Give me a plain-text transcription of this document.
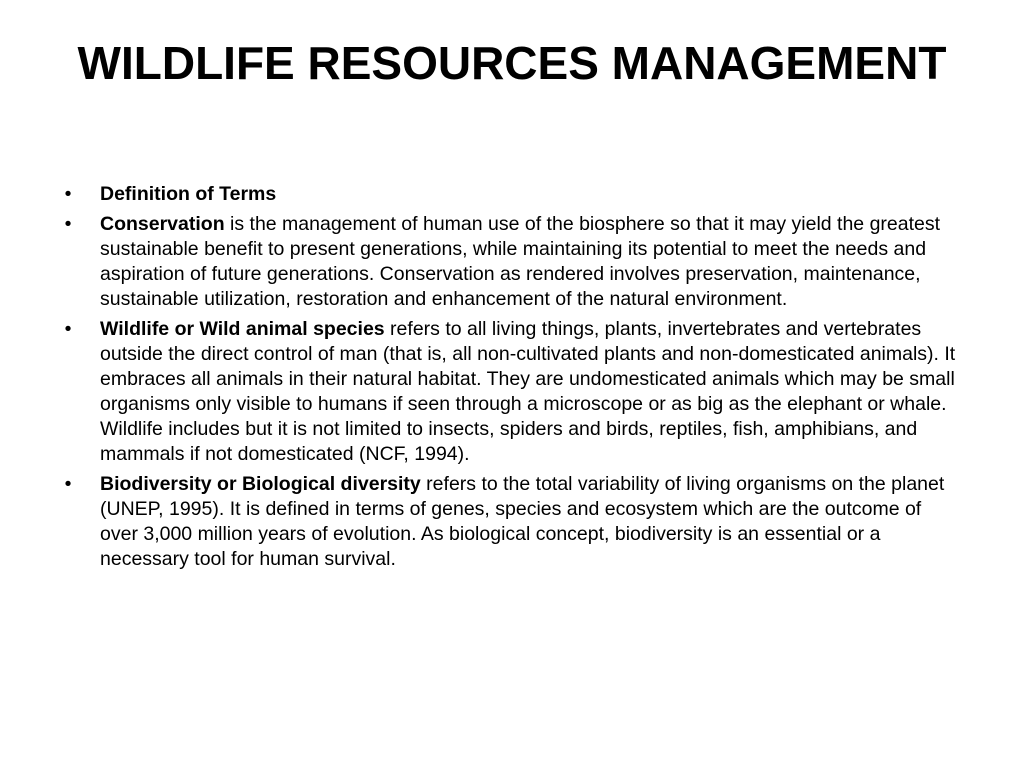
WILDLIFE RESOURCES MANAGEMENT
•	Definition of Terms
•	Conservation is the management of human use of the biosphere so that it may yield the greatest sustainable benefit to present generations, while maintaining its potential to meet the needs and aspiration of future generations. Conservation as rendered involves preservation, maintenance, sustainable utilization, restoration and enhancement of the natural environment.
•	Wildlife or Wild animal species refers to all living things, plants, invertebrates and vertebrates outside the direct control of man (that is, all non-cultivated plants and non-domesticated animals). It embraces all animals in their natural habitat. They are undomesticated animals which may be small organisms only visible to humans if seen through a microscope or as big as the elephant or whale. Wildlife includes but it is not limited to insects, spiders and birds, reptiles, fish, amphibians, and mammals if not domesticated (NCF, 1994).
•	Biodiversity or Biological diversity refers to the total variability of living organisms on the planet (UNEP, 1995). It is defined in terms of genes, species and ecosystem which are the outcome of over 3,000 million years of evolution. As biological concept, biodiversity is an essential or a necessary tool for human survival.
